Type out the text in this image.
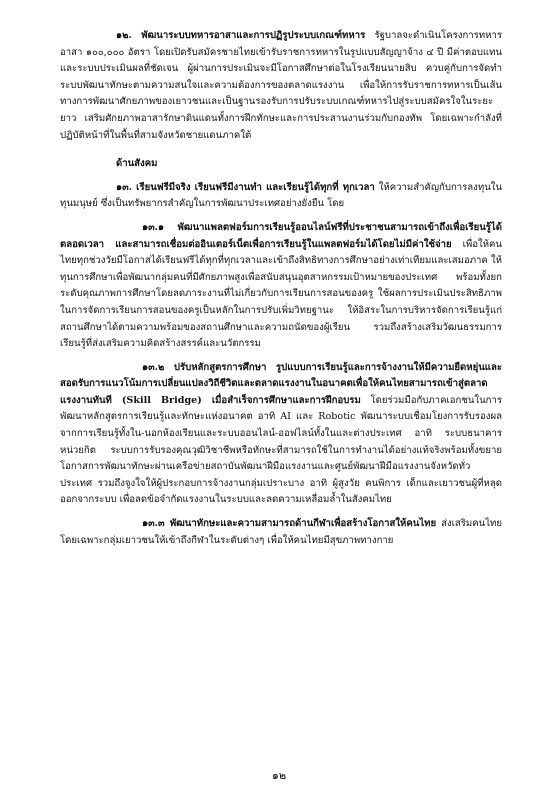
๑๒. พัฒนาระบบทหารอาสาและการปฏิรูประบบเกณฑ์ทหาร รัฐบาลจะดำเนินโครงการทหารอาสา ๑๐๐,๐๐๐ อัตรา โดยเปิดรับสมัครชายไทยเข้ารับราชการทหารในรูปแบบสัญญาจ้าง ๔ ปี มีค่าตอบแทน และระบบประเมินผลที่ชัดเจน ผู้ผ่านการประเมินจะมีโอกาสศึกษาต่อในโรงเรียนนายสิบ ควบคู่กับการจัดทำระบบพัฒนาทักษะตามความสนใจและความต้องการของตลาดแรงงาน เพื่อให้การรับราชการทหารเป็นเส้นทางการพัฒนาศักยภาพของเยาวชนและเป็นฐานรองรับการปรับระบบเกณฑ์ทหารไปสู่ระบบสมัครใจในระยะยาว เสริมศักยภาพอาสารักษาดินแดนทั้งการฝึกทักษะและการประสานงานร่วมกับกองทัพ โดยเฉพาะกำลังที่ปฏิบัติหน้าที่ในพื้นที่สามจังหวัดชายแดนภาคใต้

ด้านสังคม

๑๓. เรียนฟรีมีจริง เรียนฟรีมีงานทำ และเรียนรู้ได้ทุกที่ ทุกเวลา ให้ความสำคัญกับการลงทุนในทุนมนุษย์ ซึ่งเป็นทรัพยากรสำคัญในการพัฒนาประเทศอย่างยั่งยืน โดย

๑๓.๑ พัฒนาแพลตฟอร์มการเรียนรู้ออนไลน์ฟรีที่ประชาชนสามารถเข้าถึงเพื่อเรียนรู้ได้ตลอดเวลา และสามารถเชื่อมต่ออินเตอร์เน็ตเพื่อการเรียนรู้ในแพลตฟอร์มได้โดยไม่มีค่าใช้จ่าย เพื่อให้คนไทยทุกช่วงวัยมีโอกาสได้เรียนฟรีได้ทุกที่ทุกเวลาและเข้าถึงสิทธิทางการศึกษาอย่างเท่าเทียมและเสมอภาค ให้ทุนการศึกษาเพื่อพัฒนากลุ่มคนที่มีศักยภาพสูงเพื่อสนับสนุนอุตสาหกรรมเป้าหมายของประเทศ พร้อมทั้งยกระดับคุณภาพการศึกษาโดยลดภาระงานที่ไม่เกี่ยวกับการเรียนการสอนของครู ใช้ผลการประเมินประสิทธิภาพในการจัดการเรียนการสอนของครูเป็นหลักในการปรับเพิ่มวิทยฐานะ ให้อิสระในการบริหารจัดการเรียนรู้แก่สถานศึกษาได้ตามความพร้อมของสถานศึกษาและความถนัดของผู้เรียน รวมถึงสร้างเสริมวัฒนธรรมการเรียนรู้ที่ส่งเสริมความคิดสร้างสรรค์และนวัตกรรม

๑๓.๒ ปรับหลักสูตรการศึกษา รูปแบบการเรียนรู้และการจ้างงานให้มีความยืดหยุ่นและสอดรับการแนวโน้มการเปลี่ยนแปลงวิถีชีวิตและตลาดแรงงานในอนาคตเพื่อให้คนไทยสามารถเข้าสู่ตลาดแรงงานทันที (Skill Bridge) เมื่อสำเร็จการศึกษาและการฝึกอบรม โดยร่วมมือกับภาคเอกชนในการพัฒนาหลักสูตรการเรียนรู้และทักษะแห่งอนาคต อาทิ AI และ Robotic พัฒนาระบบเชื่อมโยงการรับรองผลจากการเรียนรู้ทั้งใน-นอกห้องเรียนและระบบออนไลน์-ออฟไลน์ทั้งในและต่างประเทศ อาทิ ระบบธนาคารหน่วยกิต ระบบการรับรองคุณวุฒิวิชาชีพหรือทักษะที่สามารถใช้ในการทำงานได้อย่างแท้จริงพร้อมทั้งขยายโอกาสการพัฒนาทักษะผ่านเครือข่ายสถาบันพัฒนาฝีมือแรงงานและศูนย์พัฒนาฝีมือแรงงานจังหวัดทั่วประเทศ รวมถึงจูงใจให้ผู้ประกอบการจ้างงานกลุ่มเปราะบาง อาทิ ผู้สูงวัย คนพิการ เด็กและเยาวชนผู้ที่หลุดออกจากระบบ เพื่อลดข้อจำกัดแรงงานในระบบและลดความเหลื่อมล้ำในสังคมไทย

๑๓.๓ พัฒนาทักษะและความสามารถด้านกีฬาเพื่อสร้างโอกาสให้คนไทย ส่งเสริมคนไทยโดยเฉพาะกลุ่มเยาวชนให้เข้าถึงกีฬาในระดับต่างๆ เพื่อให้คนไทยมีสุขภาพทางกาย

๑๒
